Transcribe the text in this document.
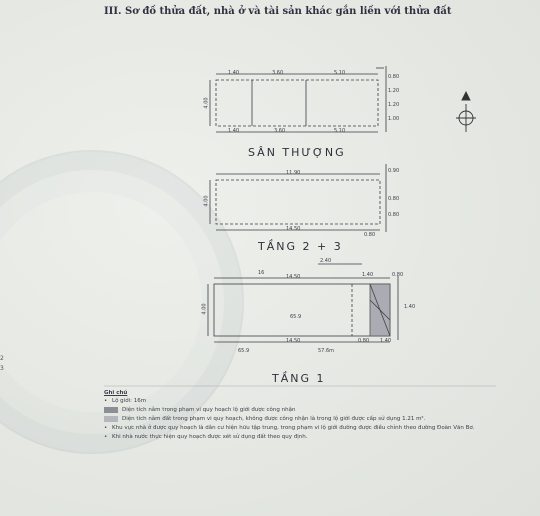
III. Sơ đồ thửa đất, nhà ở và tài sản khác gắn liền với thửa đất
1.40	3.60	5.10
1.40	3.60	5.10
4.00
0.80
1.20
1.20
1.00
SÂN THƯỢNG
11.90
14.50
4.00
0.90
0.80
0.80
0.80
TẦNG 2 + 3
2.40
16
14.50	1.40	0.80
1.40
4.00
65.9
14.50	0.80 1.40
65.9	57.6m
TẦNG 1
2
3
Ghi chú
• Lộ giới: 16m
Diện tích nằm trong phạm vi quy hoạch lộ giới được công nhận
Diện tích nằm đất trong phạm vi quy hoạch, không được công nhận là trong lộ giới được cấp sử dụng 1.21 m².
• Khu vực nhà ở được quy hoạch là dân cư hiện hữu tập trung, trong phạm vi lộ giới đường được điều chỉnh theo đường Đoàn Văn Bơ.
• Khi nhà nước thực hiện quy hoạch được xét sử dụng đất theo quy định.
